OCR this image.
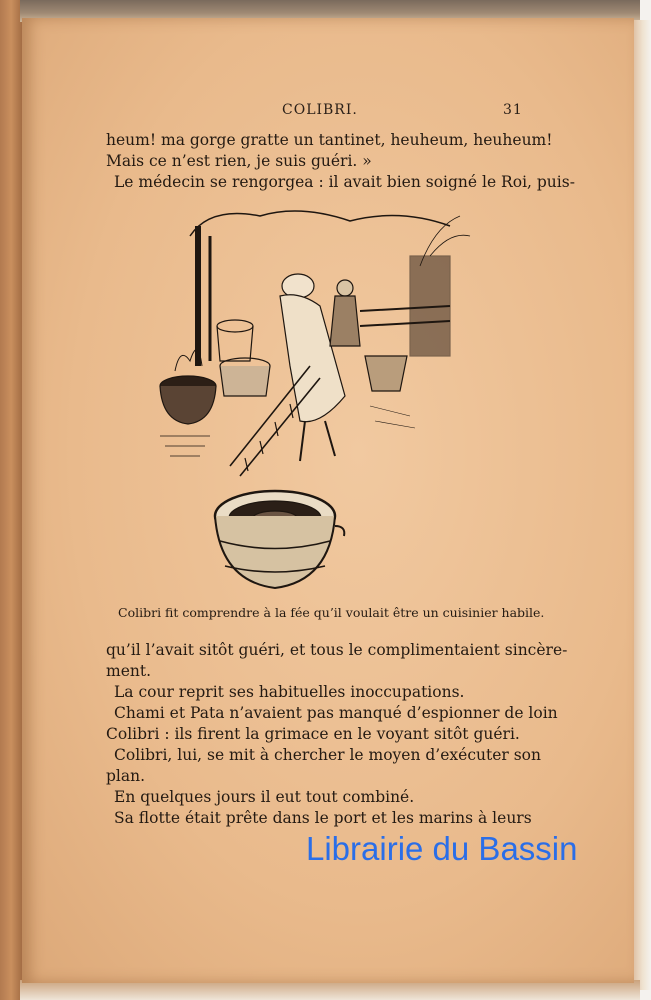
COLIBRI.	31
heum! ma gorge gratte un tantinet, heuheum, heuheum!
Mais ce n’est rien, je suis guéri. »
Le médecin se rengorgea : il avait bien soigné le Roi, puis-
Colibri fit comprendre à la fée qu’il voulait être un cuisinier habile.
qu’il l’avait sitôt guéri, et tous le complimentaient sincère-
ment.
La cour reprit ses habituelles inoccupations.
Chami et Pata n’avaient pas manqué d’espionner de loin
Colibri : ils firent la grimace en le voyant sitôt guéri.
Colibri, lui, se mit à chercher le moyen d’exécuter son
plan.
En quelques jours il eut tout combiné.
Sa flotte était prête dans le port et les marins à leurs
Librairie du Bassin
